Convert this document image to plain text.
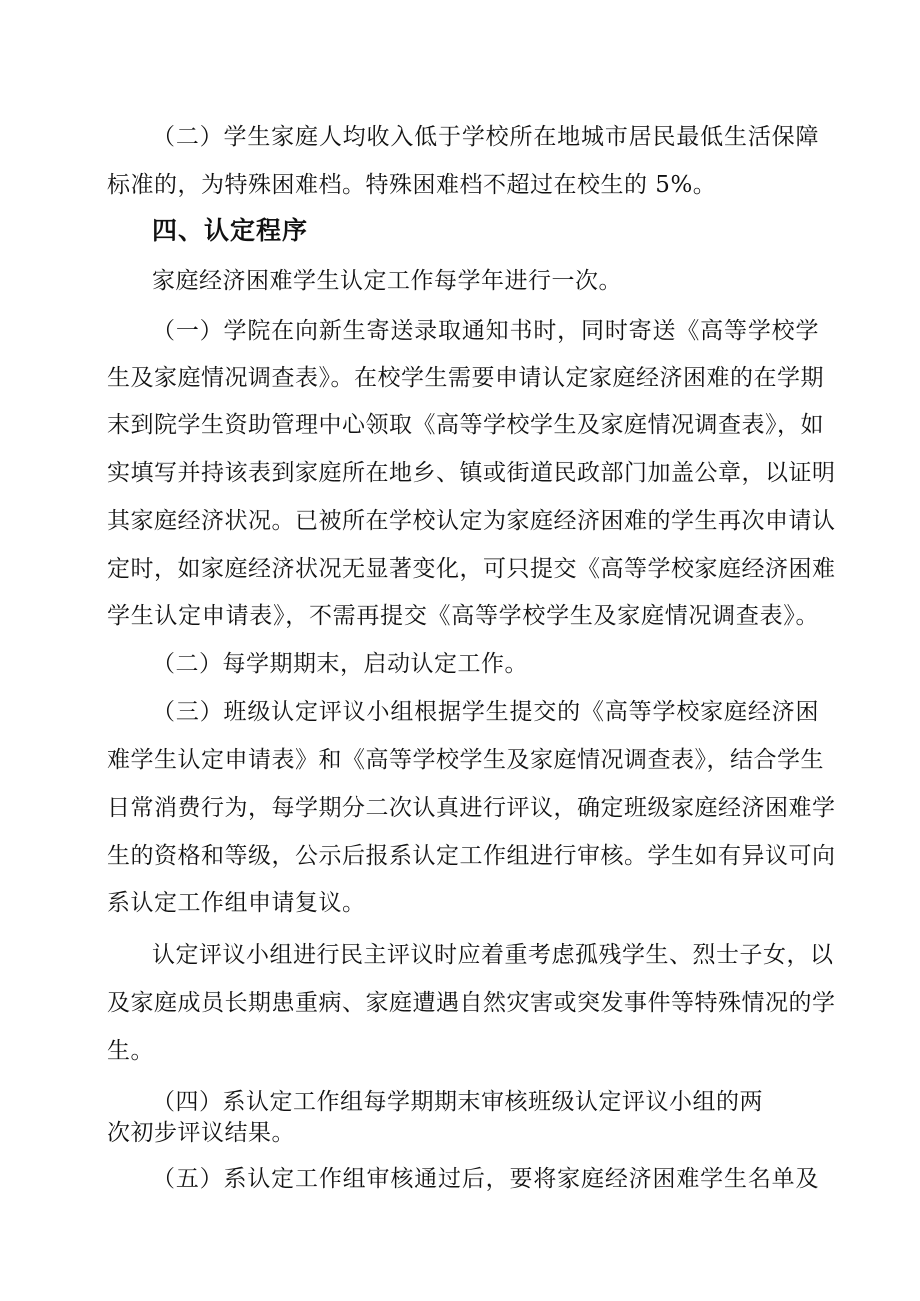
（二）学生家庭人均收入低于学校所在地城市居民最低生活保障
标准的，为特殊困难档。特殊困难档不超过在校生的 5%。
四、认定程序
家庭经济困难学生认定工作每学年进行一次。
（一）学院在向新生寄送录取通知书时，同时寄送《高等学校学
生及家庭情况调查表》。在校学生需要申请认定家庭经济困难的在学期
末到院学生资助管理中心领取《高等学校学生及家庭情况调查表》，如
实填写并持该表到家庭所在地乡、镇或街道民政部门加盖公章，以证明
其家庭经济状况。已被所在学校认定为家庭经济困难的学生再次申请认
定时，如家庭经济状况无显著变化，可只提交《高等学校家庭经济困难
学生认定申请表》，不需再提交《高等学校学生及家庭情况调查表》。
（二）每学期期末，启动认定工作。
（三）班级认定评议小组根据学生提交的《高等学校家庭经济困
难学生认定申请表》和《高等学校学生及家庭情况调查表》，结合学生
日常消费行为，每学期分二次认真进行评议，确定班级家庭经济困难学
生的资格和等级，公示后报系认定工作组进行审核。学生如有异议可向
系认定工作组申请复议。
认定评议小组进行民主评议时应着重考虑孤残学生、烈士子女，以
及家庭成员长期患重病、家庭遭遇自然灾害或突发事件等特殊情况的学
生。
（四）系认定工作组每学期期末审核班级认定评议小组的两
次初步评议结果。
（五）系认定工作组审核通过后，要将家庭经济困难学生名单及
